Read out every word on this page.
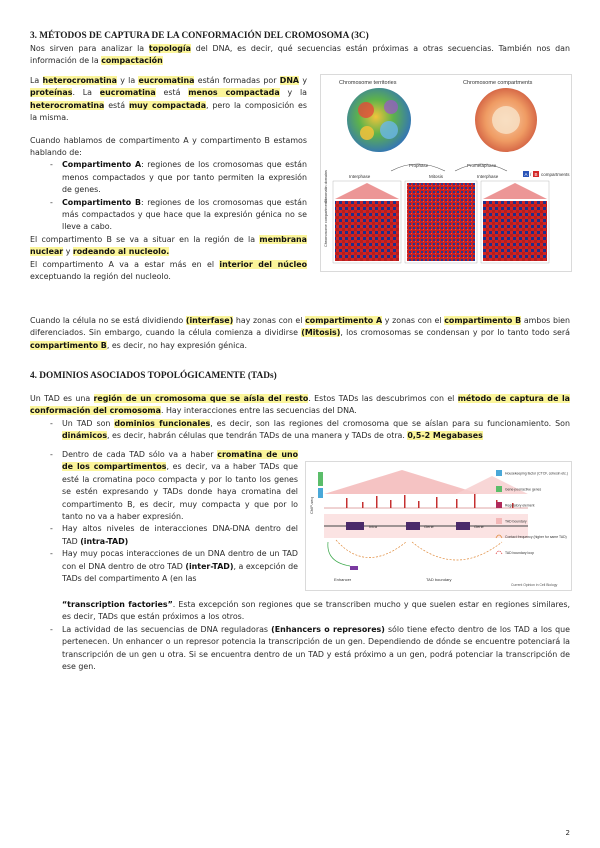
3. MÉTODOS DE CAPTURA DE LA CONFORMACIÓN DEL CROMOSOMA (3C)
Nos sirven para analizar la topología del DNA, es decir, qué secuencias están próximas a otras secuencias. También nos dan información de la compactación
La heterocromatina y la eucromatina están formadas por DNA y proteínas. La eucromatina está menos compactada y la heterocromatina está muy compactada, pero la composición es la misma.
Cuando hablamos de compartimento A y compartimento B estamos hablando de:
- Compartimento A: regiones de los cromosomas que están menos compactados y que por tanto permiten la expresión de genes.
- Compartimento B: regiones de los cromosomas que están más compactados y que hace que la expresión génica no se lleve a cabo.
El compartimento B se va a situar en la región de la membrana nuclear y rodeando al nucleolo.
El compartimento A va a estar más en el interior del núcleo exceptuando la región del nucleolo.
Chromosome territories	Chromosome compartments
Prophase	Prometaphase
Interphase	Mitosis	Interphase	A / B compartments
Chromatin domains
Chromosome compartments
Cuando la célula no se está dividiendo (interfase) hay zonas con el compartimento A y zonas con el compartimento B ambos bien diferenciados. Sin embargo, cuando la célula comienza a dividirse (Mitosis), los cromosomas se condensan y por lo tanto todo será compartimento B, es decir, no hay expresión génica.
4. DOMINIOS ASOCIADOS TOPOLÓGICAMENTE (TADs)
Un TAD es una región de un cromosoma que se aísla del resto. Estos TADs las descubrimos con el método de captura de la conformación del cromosoma. Hay interacciones entre las secuencias del DNA.
- Un TAD son dominios funcionales, es decir, son las regiones del cromosoma que se aíslan para su funcionamiento. Son dinámicos, es decir, habrán células que tendrán TADs de una manera y TADs de otra. 0,5-2 Megabases
- Dentro de cada TAD sólo va a haber cromatina de uno de los compartimentos, es decir, va a haber TADs que esté la cromatina poco compacta y por lo tanto los genes se estén expresando y TADs donde haya cromatina del compartimento B, es decir, muy compacta y que por lo tanto no va a haber expresión.
- Hay altos niveles de interacciones DNA-DNA dentro del TAD (intra-TAD)
- Hay muy pocas interacciones de un DNA dentro de un TAD con el DNA dentro de otro TAD (inter-TAD), a excepción de TADs del compartimento A (en las
“transcription factories”. Esta excepción son regiones que se transcriben mucho y que suelen estar en regiones similares, es decir, TADs que están próximos a los otros.
- La actividad de las secuencias de DNA reguladoras (Enhancers o represores) sólo tiene efecto dentro de los TAD a los que pertenecen. Un enhancer o un represor potencia la transcripción de un gen. Dependiendo de dónde se encuentre potenciará la transcripción de un gen u otra. Si se encuentra dentro de un TAD y está próximo a un gen, podrá potenciar la transcripción de ese gen.
ChIP-seq
Intra	Gene	Gene
Enhancer	TAD boundary
Housekeeping factor (CTCF, cohesin etc.)
Gene-poor/active genes
Regulatory element
TAD boundary
Contact frequency (higher for same TAD)
TAD boundary loop
Current Opinion in Cell Biology
2
